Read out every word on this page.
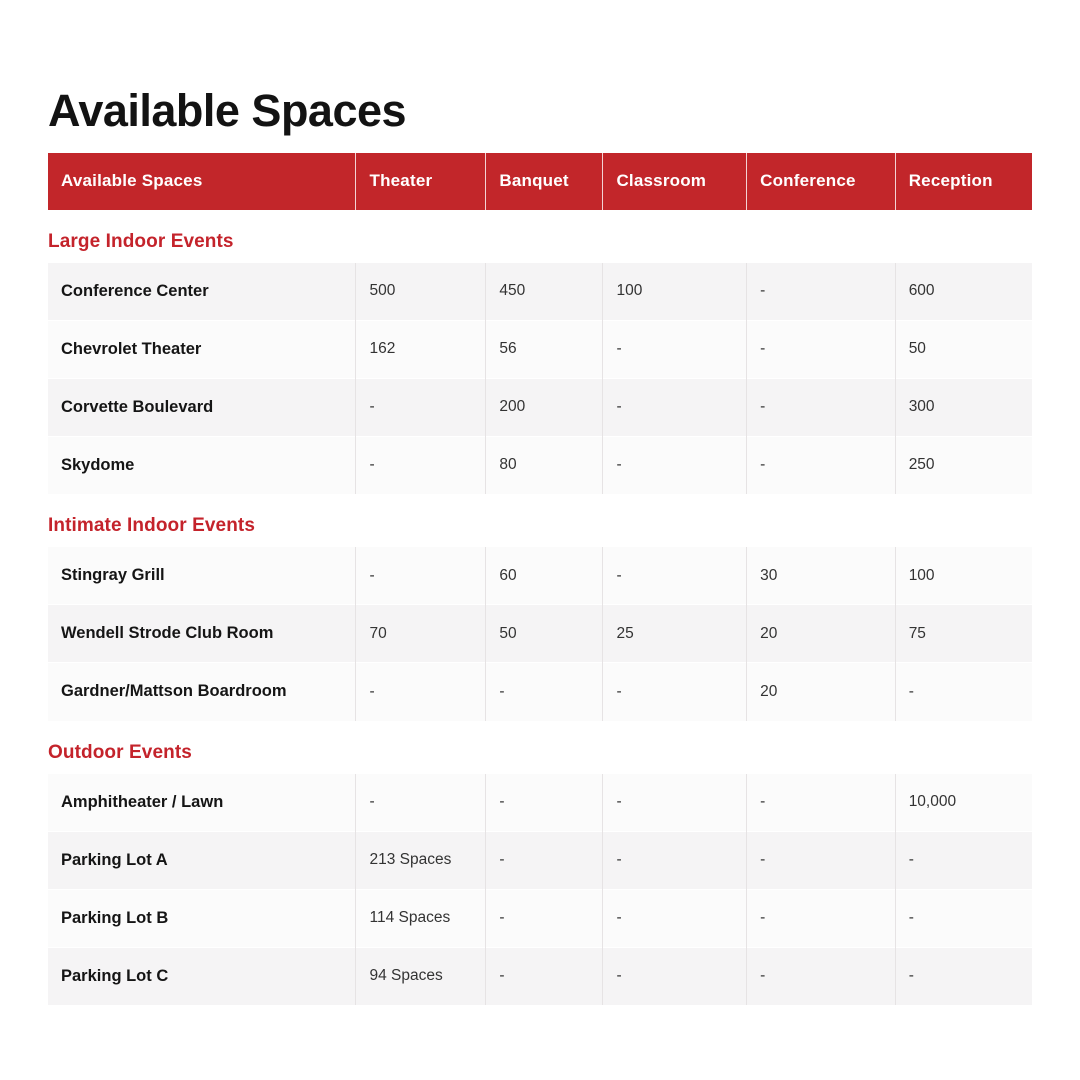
Available Spaces
Available Spaces	Theater	Banquet	Classroom	Conference	Reception
Large Indoor Events					
Conference Center	500	450	100	-	600
Chevrolet Theater	162	56	-	-	50
Corvette Boulevard	-	200	-	-	300
Skydome	-	80	-	-	250
Intimate Indoor Events					
Stingray Grill	-	60	-	30	100
Wendell Strode Club Room	70	50	25	20	75
Gardner/Mattson Boardroom	-	-	-	20	-
Outdoor Events					
Amphitheater / Lawn	-	-	-	-	10,000
Parking Lot A	213 Spaces	-	-	-	-
Parking Lot B	114 Spaces	-	-	-	-
Parking Lot C	94 Spaces	-	-	-	-
